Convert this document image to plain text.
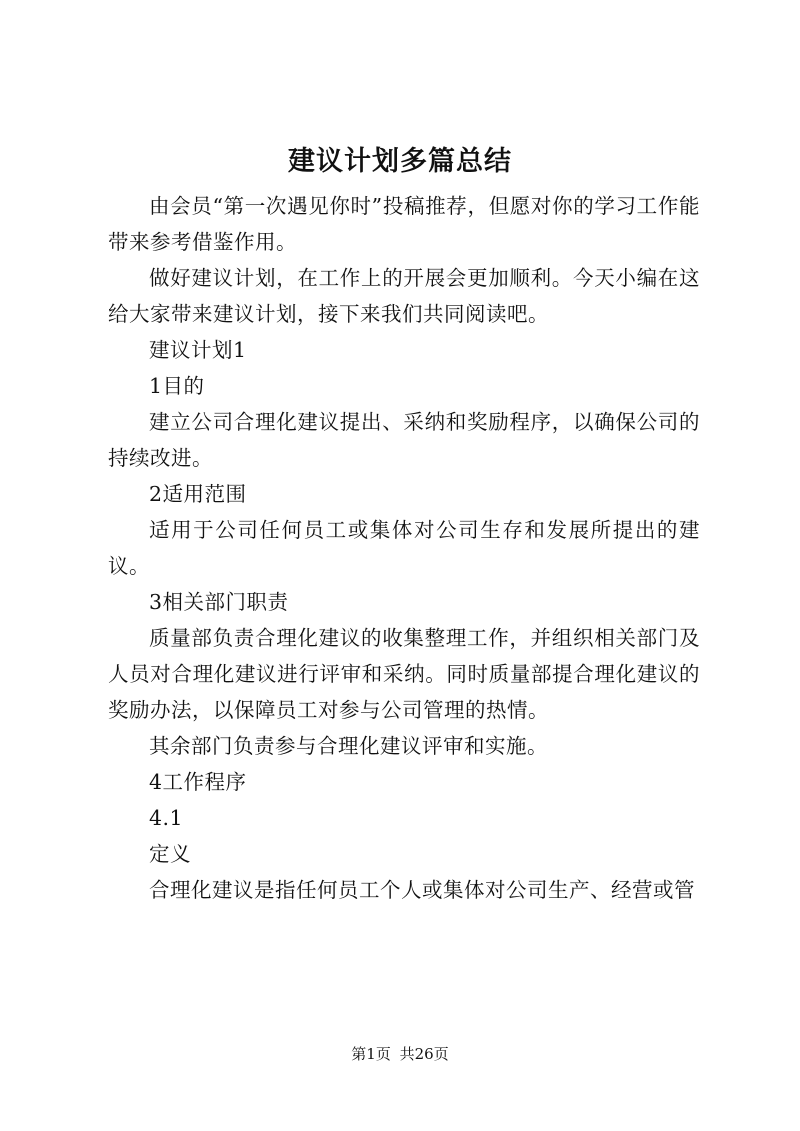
建议计划多篇总结

由会员“第一次遇见你时”投稿推荐，但愿对你的学习工作能带来参考借鉴作用。

做好建议计划，在工作上的开展会更加顺利。今天小编在这给大家带来建议计划，接下来我们共同阅读吧。

建议计划1

1目的

建立公司合理化建议提出、采纳和奖励程序，以确保公司的持续改进。

2适用范围

适用于公司任何员工或集体对公司生存和发展所提出的建议。

3相关部门职责

质量部负责合理化建议的收集整理工作，并组织相关部门及人员对合理化建议进行评审和采纳。同时质量部提合理化建议的奖励办法，以保障员工对参与公司管理的热情。

其余部门负责参与合理化建议评审和实施。

4工作程序

4.1

定义

合理化建议是指任何员工个人或集体对公司生产、经营或管

第1页 共26页
